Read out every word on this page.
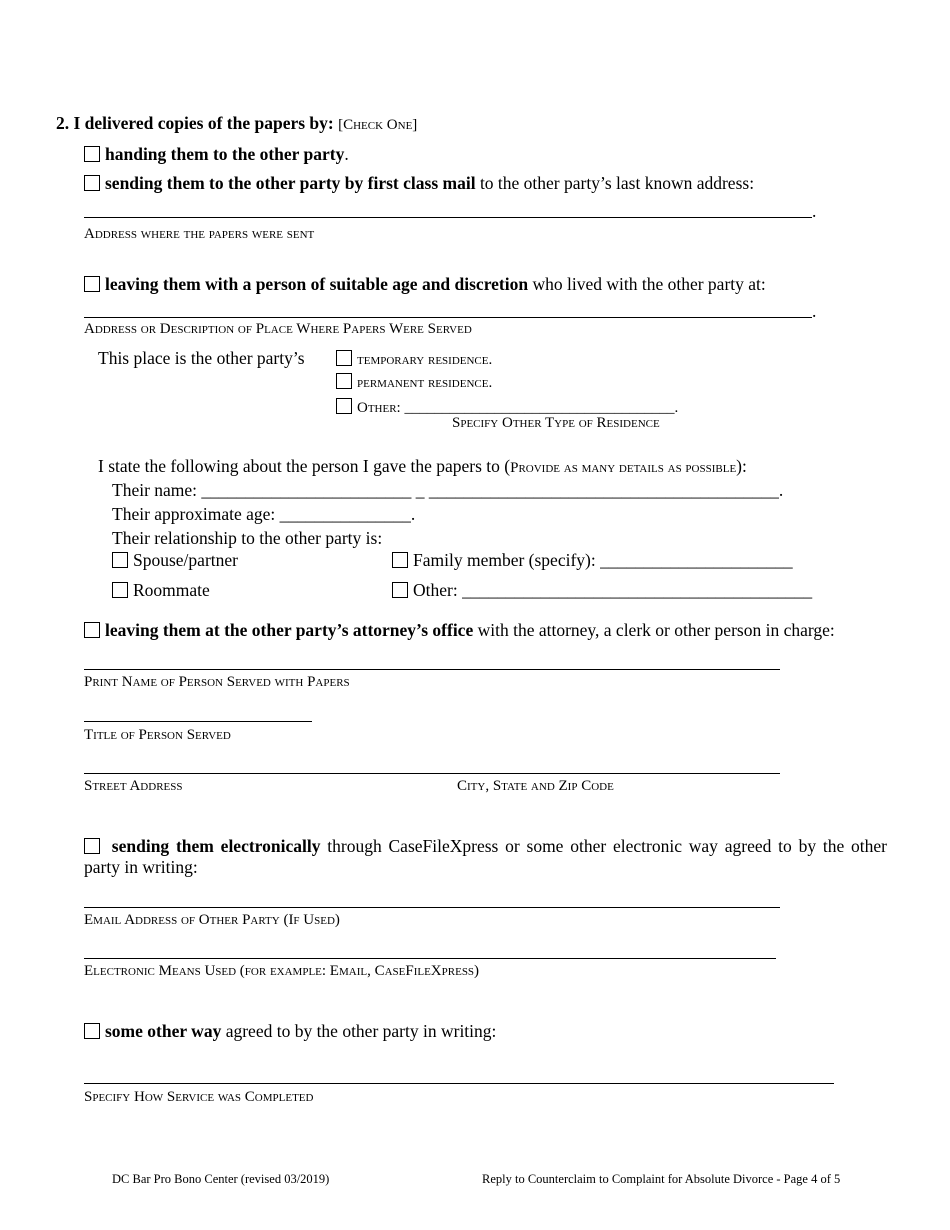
2. I delivered copies of the papers by: [Check One]
handing them to the other party.
sending them to the other party by first class mail to the other party’s last known address:
.
Address where the papers were sent
leaving them with a person of suitable age and discretion who lived with the other party at:
.
Address or Description of Place Where Papers Were Served
This place is the other party’s	temporary residence.
permanent residence.
Other: ____________________________________.
Specify Other Type of Residence
I state the following about the person I gave the papers to (Provide as many details as possible):
Their name: ________________________ _ ________________________________________.
Their approximate age: _______________.
Their relationship to the other party is:
Spouse/partner	Family member (specify): ______________________
Roommate	Other: ________________________________________
leaving them at the other party’s attorney’s office with the attorney, a clerk or other person in charge:
Print Name of Person Served with Papers
Title of Person Served
Street Address	City, State and Zip Code
sending them electronically through CaseFileXpress or some other electronic way agreed to by the other party in writing:
Email Address of Other Party (If Used)
Electronic Means Used (for example: Email, CaseFileXpress)
some other way agreed to by the other party in writing:
Specify How Service was Completed
DC Bar Pro Bono Center (revised 03/2019)	Reply to Counterclaim to Complaint for Absolute Divorce - Page 4 of 5
